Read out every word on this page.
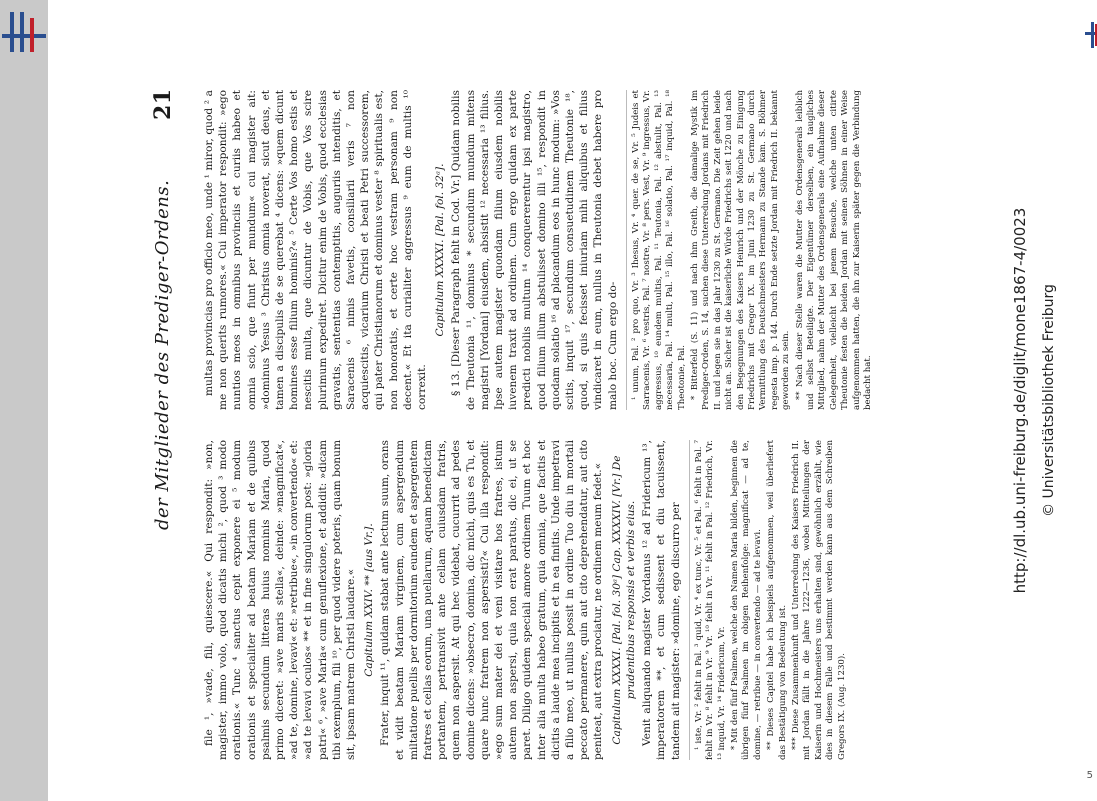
5
der Mitglieder des Prediger-Ordens.
21

file ¹, »vade, fili, quiescere.« Qui respondit: »non, magister, immo volo, quod dicatis michi ², quod ³ modo orationis.« Tunc ⁴ sanctus cepit exponere ei ⁵ modum orationis et specialiter ad beatam Mariam et de quibus psalmis secundum litteras huius nominis Maria, quod primo diceret: »ave maris stella«, deinde: »magnificat«, »ad te, domine, levavi« et: »retribue«, »in convertendo« et: »ad te levavi oculos« ** et in fine singulorum post: »gloria patri« ⁶, »ave Maria« cum genuflexione, et addidit: »dicam tibi exemplum, fili ¹⁰, per quod videre poteris, quam bonum sit, ipsam matrem Christi laudare.« Capitulum XXIV. ** [aus Vr.]. Frater, inquit ¹¹, quidam stabat ante lectum suum, orans et vidit beatam Mariam virginem, cum aspergendum miltatione puellis per dormitorium eundem et aspergentem fratres et cellas eorum, una puellarum, aquam benedictam portantem, pertransivit ante cellam cuiusdam fratris, quem non aspersit. At qui hec videbat, cucurrit ad pedes domine dicens: »obsecro, domina, dic michi, quis es Tu, et quare hunc fratrem non aspersisti?« Cui illa respondit: »ego sum mater dei et veni visitare hos fratres, istum autem non aspersi, quia non erat paratus, dic ei, ut se paret. Diligo quidem speciali amore ordinem Tuum et hoc inter alia multa habeo gratum, quia omnia, que facitis et dicitis a laude mea incipitis et in ea finitis. Unde impetravi a filio meo, ut nullus possit in ordine Tuo diu in mortali peccato permanere, quin aut cito deprehendatur, aut cito peniteat, aut extra prociatur, ne ordinem meum fedet.« Capitulum XXXXI. [Pal. fol. 30ᵃ] Cap. XXXXIV. [Vr.] De prudentibus responsis et verbis eius. Venit aliquando magister Yordanus ¹² ad Fridericum ¹³, imperatorem **, et cum sedissent et diu tacuissent, tandem ait magister: »domine, ego discurro per ¹ iste, Vr. ² fehlt in Pal. ³ quid, Vr. ⁴ ex tunc, Vr. ⁵ et Pal. ⁶ fehlt in Pal. ⁷ fehlt in Vr. ⁸ fehlt in Vr. ⁹ Vr. ¹⁰ fehlt in Vr. ¹¹ fehlt in Pal. ¹² Friedrich, Vr. ¹³ inquid, Vr. ¹⁴ Fridericum, Vr. * Mit den fünf Psalmen, welche den Namen Maria bilden, beginnen die übrigen fünf Psalmen im obigen Reihenfolge: magnificat — ad te, domine, — retribue — in convertendo — ad te levavi. ** Dieses Capitel habe ich beispiels aufgenommen, weil überliefert das Bestätigung von Bedeutung ist. *** Diese Zusammenkunft und Unterredung des Kaisers Friedrich II. mit Jordan fällt in die Jahre 1222—1236, wobei Mitteilungen der Kaiserin und Hochmeisters uns erhalten sind, gewöhnlich erzählt, wie dies in diesem Falle und bestimmt werden kann aus dem Schreiben Gregors IX. (Aug. 1230).

multas provincias pro officio meo, unde ¹ miror, quod ² a me non querits rumores.« Cui imperator respondit: »ego nuntios meos in omnibus provinciis et curiis habeo et omnia scio, que fiunt per mundum« cui magister ait: »dominus Yesus ³ Christus omnia noverat, sicut deus, et tamen a discipulis de se querebat ⁴ dicens: »quem dicunt homines esse filium hominis?« ⁵ Certe Vos homo estis et nescitis multa, que dicuntur de Vobis, que Vos scire plurimum expediret. Dicitur enim de Vobis, quod ecclesias gravatis, sententias contemptitis, auguriis intenditis, et Saracenis ⁶ nimis favetis, consiliarii veris ⁷ non acquiescitis, vicarium Christi et beati Petri successorem, qui pater Christianorum et dominus vester ⁸ spiritualis est, non honoratis, et certe hoc vestram personam ⁹ non decent.« Et ita curialiter aggressus ⁹ eum de multis ¹⁰ correxit.

Capitulum XXXXI. [Pal. fol. 32ᵃ]. § 13. [Dieser Paragraph fehlt in Cod. Vr.] Quidam nobilis de Theutonia ¹¹, dominus * secundum mundum mitens magistri [Yordani] eiusdem, absistit ¹² necessaria ¹³ filius. Ipse autem magister quondam filium eiusdem nobilis iuvenem traxit ad ordinem. Cum ergo quidam ex parte predicti nobilis multum ¹⁴ conquererentur ipsi magistro, quod filium illum abstulisset domino illi ¹⁵, respondit in quodam solatio ¹⁶ ad placandum eos in hunc modum: »Vos scitis, inquit ¹⁷, secundum consuetudinem Theutonie ¹⁸, quod, si quis fecisset iniuriam mihi aliquibus et filius vindicaret in eum, nullus in Theutonia debet habere pro malo hoc. Cum ergo do- ¹ unum, Pal. ² pro quo, Vr. ³ Ihesus, Vr. ⁴ quer. de se, Vr. ⁵ Judeis et Sarracenis, Vr. ⁶ vestris, Pal. ⁷ nostre, Vr. ⁸ pers. Vest, Vr. ⁹ ingressus, Vr. aggressus, ¹⁰ eundem multis, Pal. ¹¹ Teutonia, Pal. ¹² abstulit, Pal. ¹³ necessaria, Pal. ¹⁴ multi, Pal. ¹⁵ illo, Pal. ¹⁶ solatio, Pal. ¹⁷ inquid, Pal. ¹⁸ Theotonie, Pal. * Bitterfeld (S. 11) und nach ihm Greith, die damalige Mystik im Prediger-Orden, S. 14, suchen diese Unterredung Jordans mit Friedrich II. und legen sie in das Jahr 1230 zu St. Germano. Die Zeit gehen beide nicht an. Sicher ist die kaiserliche Würde Friedrichs seit 1220 und nach den Begegnungen des Kaisers Heinrich und der Mönche zu Einigung Friedrichs mit Gregor IX. im Juni 1230 zu St. Germano durch Vermittlung des Deutschmeisters Hermann zu Stande kam. S. Böhmer regesta imp. p. 144. Durch Ende setzte Jordan mit Friedrich II. bekannt geworden zu sein. ** Nach dieser Stelle waren die Mutter des Ordensgenerals leiblich und selbst Beteiligte. Der Eigentümer derselben, ein taugliches Mittglied, nahm der Mutter des Ordensgenerals eine Aufnahme dieser Gelegenheit, vielleicht bei jenem Besuche, welche unten citirte Theutonie festen die beiden Jordan mit seinen Söhnen in einer Weise aufgenommen hatten, die ihn zur Kaiserin später gegen die Verbindung bedacht hat.	http://dl.ub.uni-freiburg.de/diglit/mone1867-4/0023 © Universitätsbibliothek Freiburg
